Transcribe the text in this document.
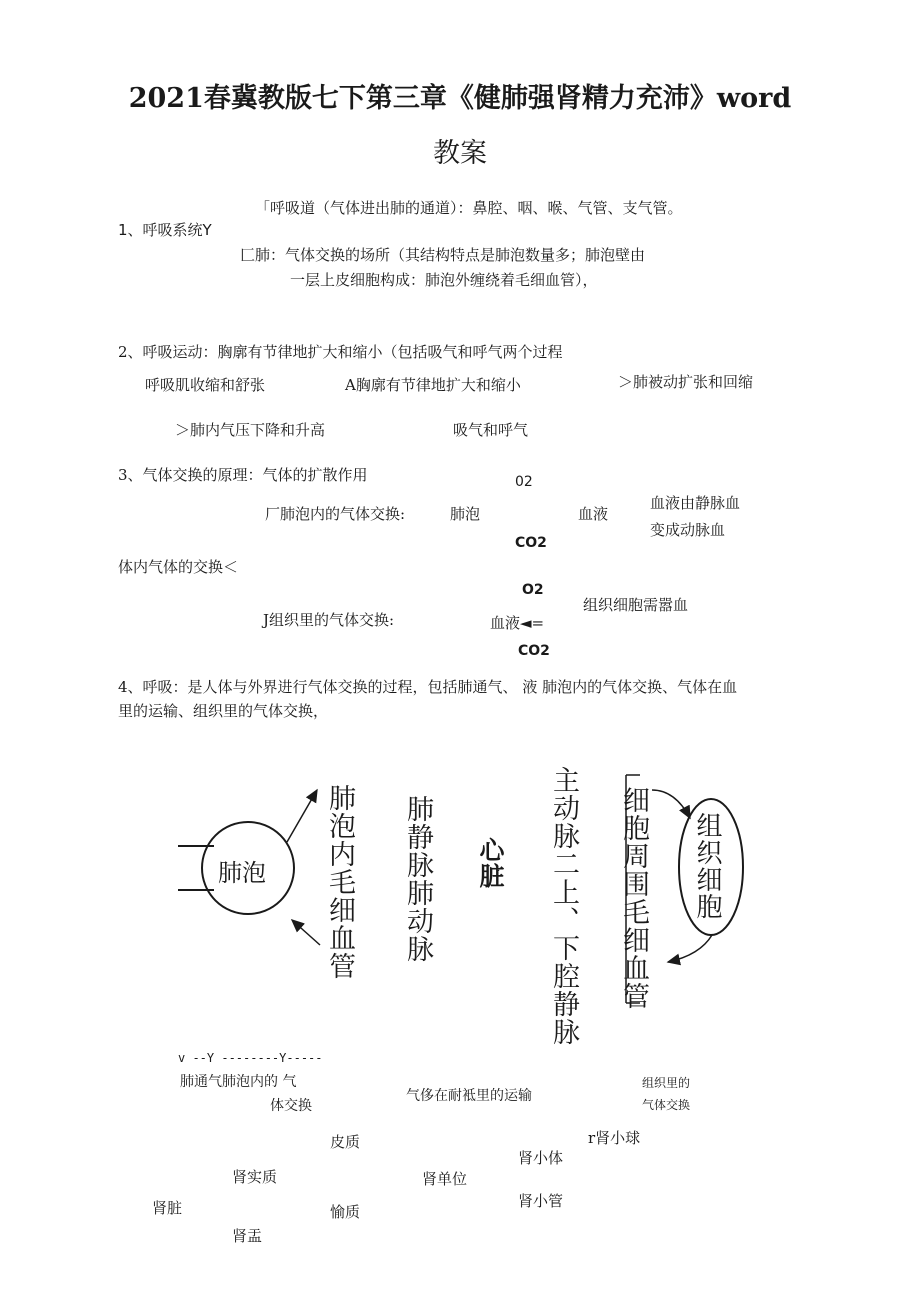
2021春冀教版七下第三章《健肺强肾精力充沛》word
教案
「呼吸道（气体进出肺的通道）：鼻腔、咽、喉、气管、支气管。
1、呼吸系统Y
匚肺：气体交换的场所（其结构特点是肺泡数量多；肺泡壁由
一层上皮细胞构成：肺泡外缠绕着毛细血管），
2、呼吸运动：胸廓有节律地扩大和缩小（包括吸气和呼气两个过程
呼吸肌收缩和舒张	A胸廓有节律地扩大和缩小	＞肺被动扩张和回缩
＞肺内气压下降和升高	吸气和呼气
3、气体交换的原理：气体的扩散作用	02
厂肺泡内的气体交换:	肺泡	血液
血液由静脉血
变成动脉血
CO2
体内气体的交换＜
O2
组织细胞需嚣血
J组织里的气体交换:	血液◄=
CO2
4、呼吸：是人体与外界进行气体交换的过程，包括肺通气、 液 肺泡内的气体交换、气体在血
里的运输、组织里的气体交换，
肺泡 肺泡内毛细血管 肺静脉肺动脉 心脏 主动脉二上、下腔静脉 细胞周围毛细血管 组织细胞
v --Y --------Y-----
肺通气肺泡内的 气
体交换
气侈在耐袛里的运输
组织里的
气体交换
皮质	r肾小球
肾小体
肾实质	肾单位
肾小管
肾脏	愉质
肾盂
